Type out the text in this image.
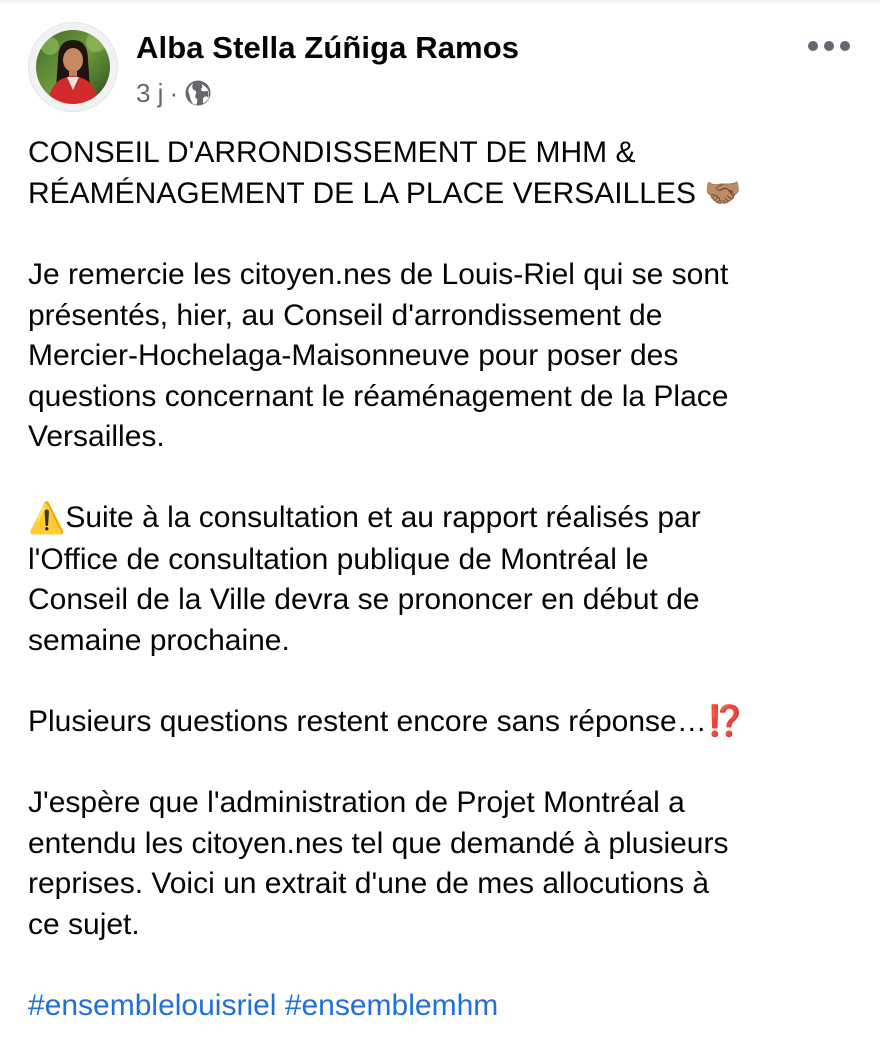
Alba Stella Zúñiga Ramos
3 j ·

CONSEIL D'ARRONDISSEMENT DE MHM &
RÉAMÉNAGEMENT DE LA PLACE VERSAILLES 🤝🏽

Je remercie les citoyen.nes de Louis-Riel qui se sont
présentés, hier, au Conseil d'arrondissement de
Mercier-Hochelaga-Maisonneuve pour poser des
questions concernant le réaménagement de la Place
Versailles.

⚠️Suite à la consultation et au rapport réalisés par
l'Office de consultation publique de Montréal le
Conseil de la Ville devra se prononcer en début de
semaine prochaine.

Plusieurs questions restent encore sans réponse…⁉️

J'espère que l'administration de Projet Montréal a
entendu les citoyen.nes tel que demandé à plusieurs
reprises. Voici un extrait d'une de mes allocutions à
ce sujet.

#ensemblelouisriel #ensemblemhm
